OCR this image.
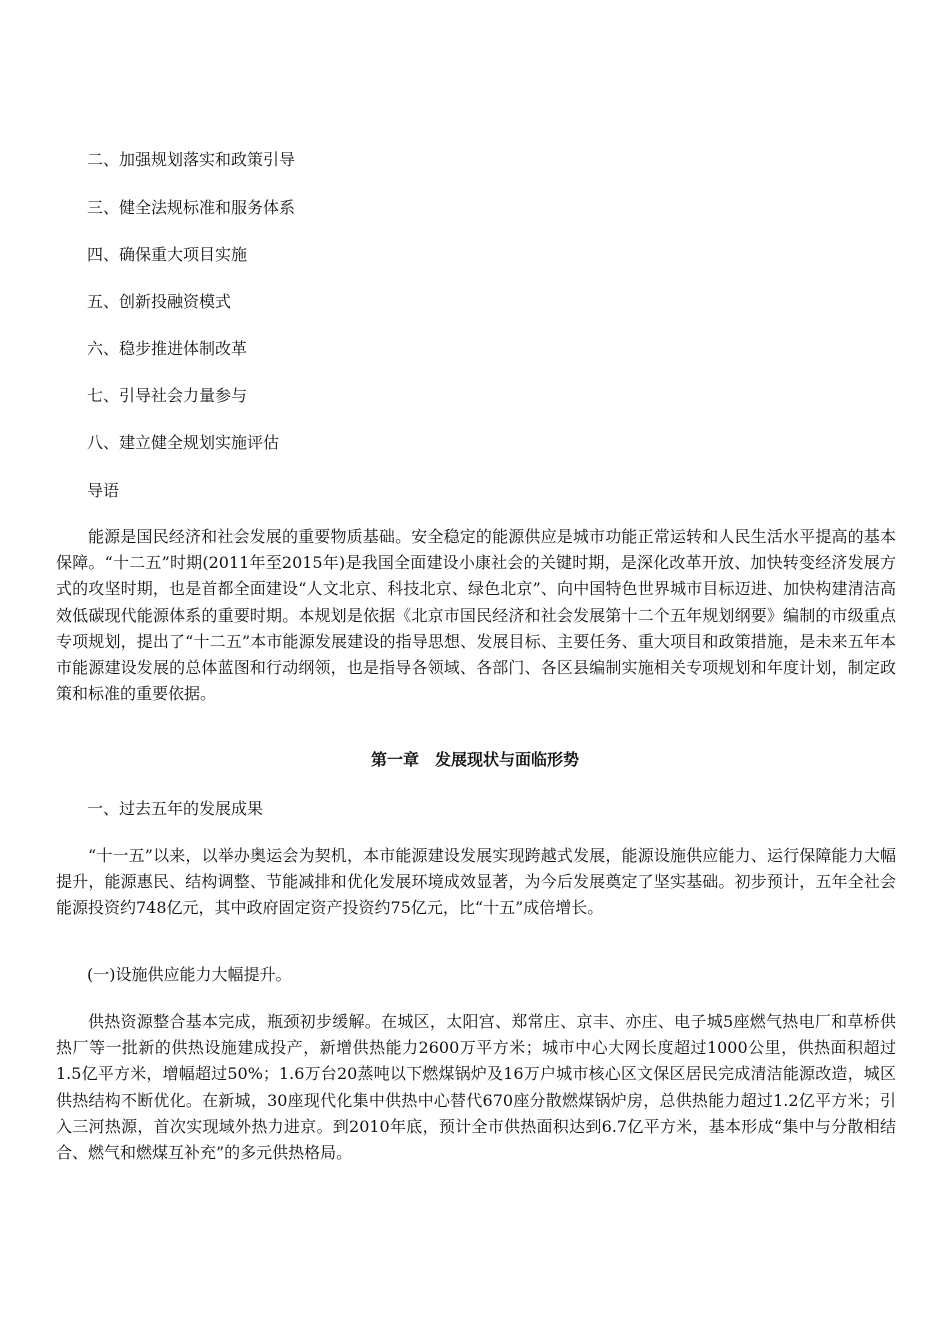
二、加强规划落实和政策引导
三、健全法规标准和服务体系
四、确保重大项目实施
五、创新投融资模式
六、稳步推进体制改革
七、引导社会力量参与
八、建立健全规划实施评估
导语
能源是国民经济和社会发展的重要物质基础。安全稳定的能源供应是城市功能正常运转和人民生活水平提高的基本保障。“十二五”时期(2011年至2015年)是我国全面建设小康社会的关键时期，是深化改革开放、加快转变经济发展方式的攻坚时期，也是首都全面建设“人文北京、科技北京、绿色北京”、向中国特色世界城市目标迈进、加快构建清洁高效低碳现代能源体系的重要时期。本规划是依据《北京市国民经济和社会发展第十二个五年规划纲要》编制的市级重点专项规划，提出了“十二五”本市能源发展建设的指导思想、发展目标、主要任务、重大项目和政策措施，是未来五年本市能源建设发展的总体蓝图和行动纲领，也是指导各领域、各部门、各区县编制实施相关专项规划和年度计划，制定政策和标准的重要依据。
第一章　发展现状与面临形势
一、过去五年的发展成果
“十一五”以来，以举办奥运会为契机，本市能源建设发展实现跨越式发展，能源设施供应能力、运行保障能力大幅提升，能源惠民、结构调整、节能减排和优化发展环境成效显著，为今后发展奠定了坚实基础。初步预计，五年全社会能源投资约748亿元，其中政府固定资产投资约75亿元，比“十五”成倍增长。
(一)设施供应能力大幅提升。
供热资源整合基本完成，瓶颈初步缓解。在城区，太阳宫、郑常庄、京丰、亦庄、电子城5座燃气热电厂和草桥供热厂等一批新的供热设施建成投产，新增供热能力2600万平方米；城市中心大网长度超过1000公里，供热面积超过1.5亿平方米，增幅超过50%；1.6万台20蒸吨以下燃煤锅炉及16万户城市核心区文保区居民完成清洁能源改造，城区供热结构不断优化。在新城，30座现代化集中供热中心替代670座分散燃煤锅炉房，总供热能力超过1.2亿平方米；引入三河热源，首次实现域外热力进京。到2010年底，预计全市供热面积达到6.7亿平方米，基本形成“集中与分散相结合、燃气和燃煤互补充”的多元供热格局。
